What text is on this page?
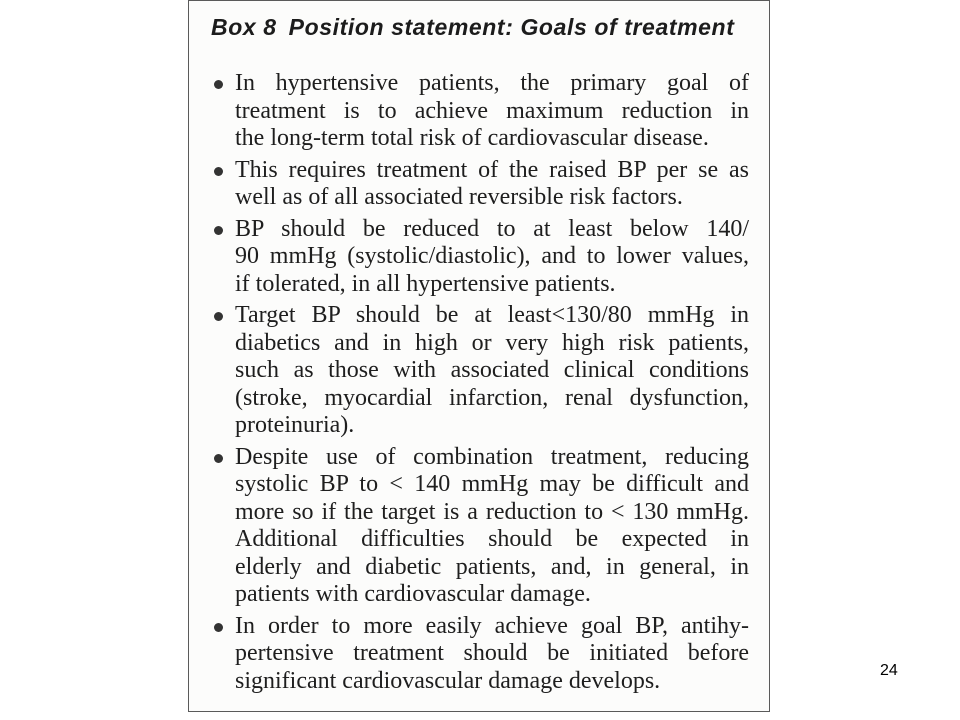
Box 8 Position statement: Goals of treatment
In hypertensive patients, the primary goal of
treatment is to achieve maximum reduction in
the long-term total risk of cardiovascular disease.
This requires treatment of the raised BP per se as
well as of all associated reversible risk factors.
BP should be reduced to at least below 140/
90 mmHg (systolic/diastolic), and to lower values,
if tolerated, in all hypertensive patients.
Target BP should be at least<130/80 mmHg in
diabetics and in high or very high risk patients,
such as those with associated clinical conditions
(stroke, myocardial infarction, renal dysfunction,
proteinuria).
Despite use of combination treatment, reducing
systolic BP to < 140 mmHg may be difficult and
more so if the target is a reduction to < 130 mmHg.
Additional difficulties should be expected in
elderly and diabetic patients, and, in general, in
patients with cardiovascular damage.
In order to more easily achieve goal BP, antihy-
pertensive treatment should be initiated before
significant cardiovascular damage develops.	24
